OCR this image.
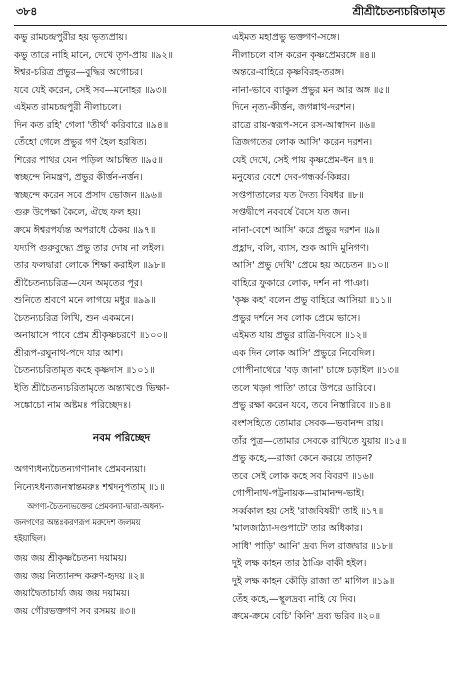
৩৮৪	শ্রীশ্রীচৈতন্যচরিতামৃত
কভু রামচন্দ্রপুরীর হয় ভৃত্যপ্রায়।
কভু তারে নাহি মানে, দেখে তৃণ-প্রায় ॥৯২॥
ঈশ্বর-চরিত্র প্রভুর—বুদ্ধির অগোচর।
যবে যেই করেন, সেই সব—মনোহর ॥৯৩॥
এইমত রামচন্দ্রপুরী নীলাচলে।
দিন কত রহি' গেলা 'তীর্থ' করিবারে ॥৯৪॥
তেঁহো গেলে প্রভুর গণ হৈল হরষিত।
শিরের পাথর যেন পড়িল আচম্বিত ॥৯৫॥
স্বচ্ছন্দে নিমন্ত্রণ, প্রভুর কীর্ত্তন-নর্ত্তন।
স্বচ্ছন্দে করেন সবে প্রসাদ ভোজন ॥৯৬॥
গুরু উপেক্ষা কৈলে, ঐছে ফল হয়।
ক্রমে ঈশ্বরপর্য্যন্ত অপরাধে ঠেকয় ॥৯৭॥
যদ্যপি গুরুবুদ্ধ্যে প্রভু তার দোষ না লইল।
তার ফলদ্বারা লোকে শিক্ষা করাইল ॥৯৮॥
শ্রীচৈতন্যচরিত্র—যেন অমৃতের পূর।
শুনিতে শ্রবণে মনে লাগয়ে মধুর ॥৯৯॥
চৈতন্যচরিত্র লিখি, শুন একমনে।
অনায়াসে পাবে প্রেম শ্রীকৃষ্ণচরণে ॥১০০॥
শ্রীরূপ-রঘুনাথ-পদে যার আশ।
চৈতন্যচরিতামৃত কহে কৃষ্ণদাস ॥১০১॥
ইতি শ্রীচৈতন্যচরিতামৃতে অন্ত্যখণ্ডে ভিক্ষা-
সঙ্কোচো নাম অষ্টমঃ পরিচ্ছেদঃ।
নবম পরিচ্ছেদ
অগণ্যধন্যচৈতন্যগণানাং প্রেমবন্যয়া।
নিন্যেঽধন্যজনস্বান্তমরুঃ শশ্বদনূপতাম্ ॥১॥
অগণ্য-চৈতন্যভক্তের প্রেমবন্যা-দ্বারা-অধন্য-
জনগণের অন্তঃকরণরূপ মরুদেশ জলময়
হইয়াছিল।
জয় জয় শ্রীকৃষ্ণচৈতন্য দয়াময়।
জয় জয় নিত্যানন্দ করুণ-হৃদয় ॥২॥
জয়াদ্বৈতাচার্য্য জয় জয় দয়াময়।
জয় গৌরভক্তগণ সব রসময় ॥৩॥
এইমত মহাপ্রভু ভক্তগণ-সঙ্গে।
নীলাচলে বাস করেন কৃষ্ণপ্রেমরঙ্গে ॥৪॥
অন্তরে-বাহিরে কৃষ্ণবিরহ-তরঙ্গ।
নানা-ভাবে ব্যাকুল প্রভুর মন আর অঙ্গ ॥৫॥
দিনে নৃত্য-কীর্ত্তন, জগন্নাথ-দরশন।
রাত্রে রায়-স্বরূপ-সনে রস-আস্বাদন ॥৬॥
ত্রিজগতের লোক আসি' করেন দরশন।
যেই দেখে, সেই পায় কৃষ্ণপ্রেম-ধন ॥৭॥
মনুষ্যের বেশে দেব-গন্ধর্ব্ব-কিন্নর।
সপ্তপাতালের যত দৈত্য বিষধর ॥৮॥
সপ্তদ্বীপে নববর্ষে বৈসে যত জন।
নানা-বেশে আসি' করে প্রভুর দরশন ॥৯॥
প্রহ্লাদ, বলি, ব্যাস, শুক আদি মুনিগণ।
আসি' প্রভু দেখি' প্রেমে হয় অচেতন ॥১০॥
বাহিরে ফুকারে লোক, দর্শন না পাঞা।
'কৃষ্ণ কহ' বলেন প্রভু বাহিরে আসিয়া ॥১১॥
প্রভুর দর্শনে সব লোক প্রেমে ভাসে।
এইমত যায় প্রভুর রাত্রি-দিবসে ॥১২॥
এক দিন লোক আসি' প্রভুরে নিবেদিল।
গোপীনাথেরে 'বড় জানা' চাঙ্গে চড়াইল ॥১৩॥
তলে খড়্গ পাতি' তারে উপরে ডারিবে।
প্রভু রক্ষা করেন যবে, তবে নিস্তারিবে ॥১৪॥
বংশসহিতে তোমার সেবক—ভবানন্দ রায়।
তাঁর পুত্র—তোমার সেবকে রাখিতে যুয়ায় ॥১৫॥
প্রভু কহে,—রাজা কেনে করয়ে তাড়ন?
তবে সেই লোক কহে সব বিবরণ ॥১৬॥
গোপীনাথ-পট্টনায়ক—রামানন্দ-ভাই।
সর্ব্বকাল হয় সেই 'রাজবিষয়ী' তাই ॥১৭॥
'মালজাঠ্যা-দণ্ডপাটে' তার অধিকার।
সাধি' পাড়ি' আনি' দ্রব্য দিল রাজদ্বার ॥১৮॥
দুই লক্ষ কাহন তার ঠাঞি বাকী হইল।
দুই লক্ষ কাহন কৌড়ি রাজা ত' মাগিল ॥১৯॥
তেঁহ কহে,—স্থূলদ্রব্য নাহি যে দিব।
ক্রমে-ক্রমে বেচি' কিনি' দ্রব্য ভরিব ॥২০॥
